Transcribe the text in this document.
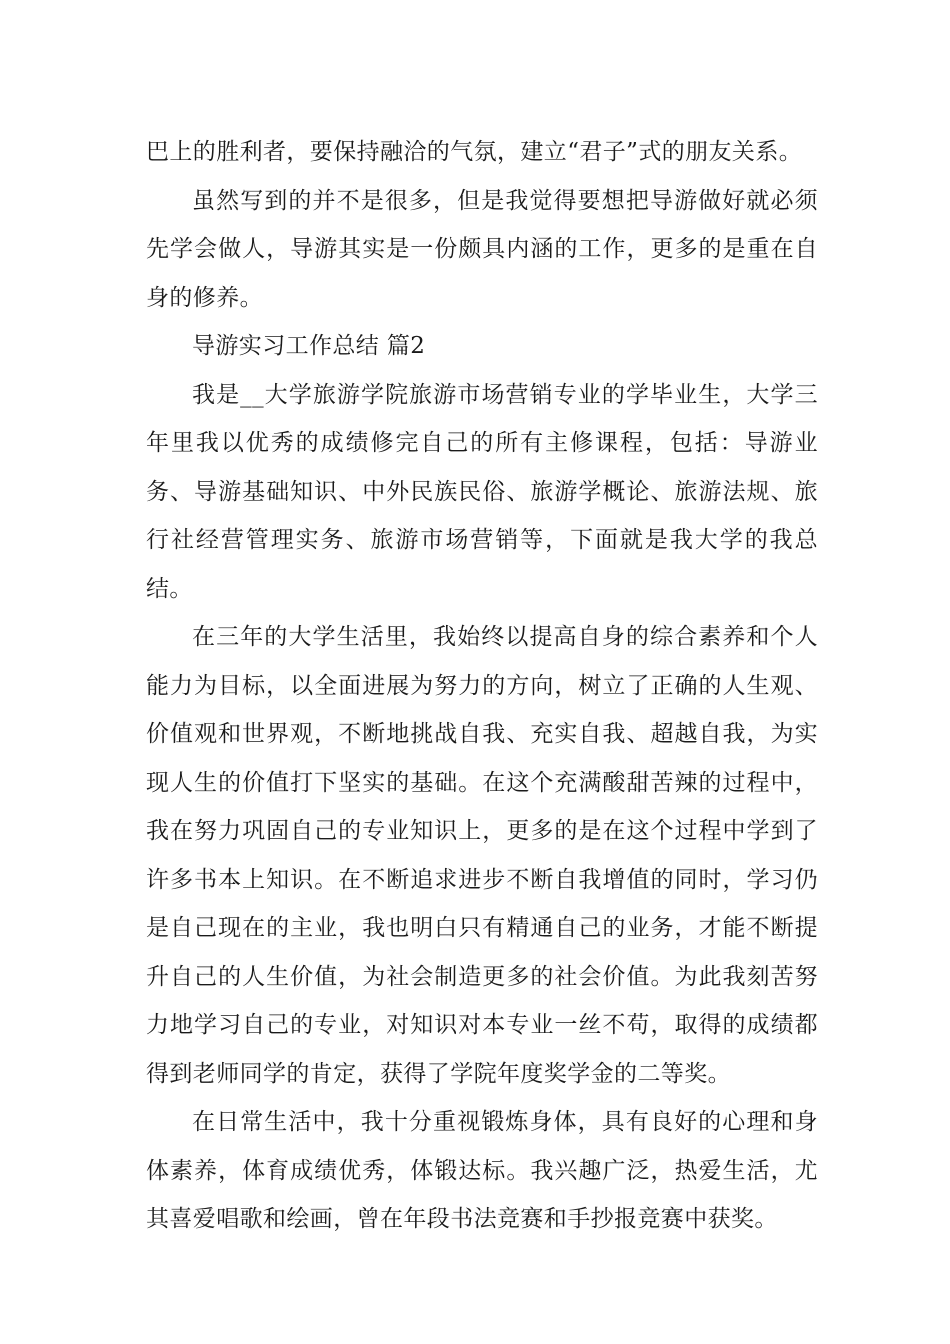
巴上的胜利者，要保持融洽的气氛，建立“君子”式的朋友关系。

虽然写到的并不是很多，但是我觉得要想把导游做好就必须先学会做人，导游其实是一份颇具内涵的工作，更多的是重在自身的修养。

导游实习工作总结 篇2

我是__大学旅游学院旅游市场营销专业的学毕业生，大学三年里我以优秀的成绩修完自己的所有主修课程，包括：导游业务、导游基础知识、中外民族民俗、旅游学概论、旅游法规、旅行社经营管理实务、旅游市场营销等，下面就是我大学的我总结。

在三年的大学生活里，我始终以提高自身的综合素养和个人能力为目标，以全面进展为努力的方向，树立了正确的人生观、价值观和世界观，不断地挑战自我、充实自我、超越自我，为实现人生的价值打下坚实的基础。在这个充满酸甜苦辣的过程中，我在努力巩固自己的专业知识上，更多的是在这个过程中学到了许多书本上知识。在不断追求进步不断自我增值的同时，学习仍是自己现在的主业，我也明白只有精通自己的业务，才能不断提升自己的人生价值，为社会制造更多的社会价值。为此我刻苦努力地学习自己的专业，对知识对本专业一丝不苟，取得的成绩都得到老师同学的肯定，获得了学院年度奖学金的二等奖。

在日常生活中，我十分重视锻炼身体，具有良好的心理和身体素养，体育成绩优秀，体锻达标。我兴趣广泛，热爱生活，尤其喜爱唱歌和绘画，曾在年段书法竞赛和手抄报竞赛中获奖。
